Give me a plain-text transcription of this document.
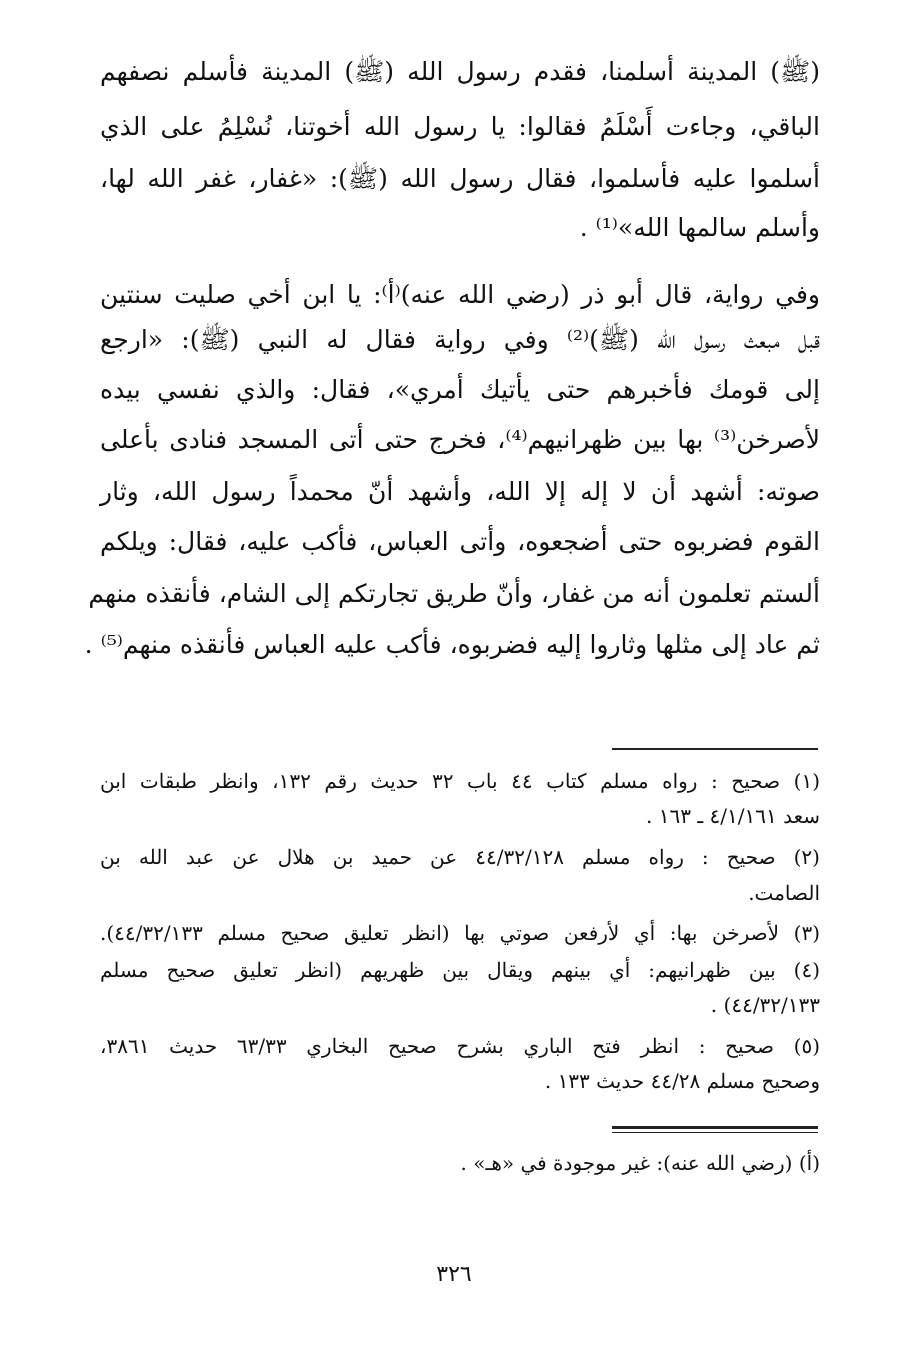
(ﷺ) المدينة أسلمنا، فقدم رسول الله (ﷺ) المدينة فأسلم نصفهم
الباقي، وجاءت أَسْلَمُ فقالوا: يا رسول الله أخوتنا، نُسْلِمُ على الذي
أسلموا عليه فأسلموا، فقال رسول الله (ﷺ): «غفار، غفر الله لها،
وأسلم سالمها الله»⁽¹⁾ .
وفي رواية، قال أبو ذر (رضي الله عنه)⁽أ⁾: يا ابن أخي صليت سنتين
قبل مبعث رسول الله (ﷺ)⁽²⁾ وفي رواية فقال له النبي (ﷺ): «ارجع
إلى قومك فأخبرهم حتى يأتيك أمري»، فقال: والذي نفسي بيده
لأصرخن⁽³⁾ بها بين ظهرانيهم⁽⁴⁾، فخرج حتى أتى المسجد فنادى بأعلى
صوته: أشهد أن لا إله إلا الله، وأشهد أنّ محمداً رسول الله، وثار
القوم فضربوه حتى أضجعوه، وأتى العباس، فأكب عليه، فقال: ويلكم
ألستم تعلمون أنه من غفار، وأنّ طريق تجارتكم إلى الشام، فأنقذه منهم
ثم عاد إلى مثلها وثاروا إليه فضربوه، فأكب عليه العباس فأنقذه منهم⁽⁵⁾ .
(١) صحيح : رواه مسلم كتاب ٤٤ باب ٣٢ حديث رقم ١٣٢، وانظر طبقات ابن
سعد ٤/١/١٦١ ـ ١٦٣ .
(٢) صحيح : رواه مسلم ٤٤/٣٢/١٢٨ عن حميد بن هلال عن عبد الله بن
الصامت.
(٣) لأصرخن بها: أي لأرفعن صوتي بها (انظر تعليق صحيح مسلم ٤٤/٣٢/١٣٣).
(٤) بين ظهرانيهم: أي بينهم ويقال بين ظهريهم (انظر تعليق صحيح مسلم
٤٤/٣٢/١٣٣) .
(٥) صحيح : انظر فتح الباري بشرح صحيح البخاري ٦٣/٣٣ حديث ٣٨٦١،
وصحيح مسلم ٤٤/٢٨ حديث ١٣٣ .
(أ) (رضي الله عنه): غير موجودة في «هـ» .
٣٢٦
